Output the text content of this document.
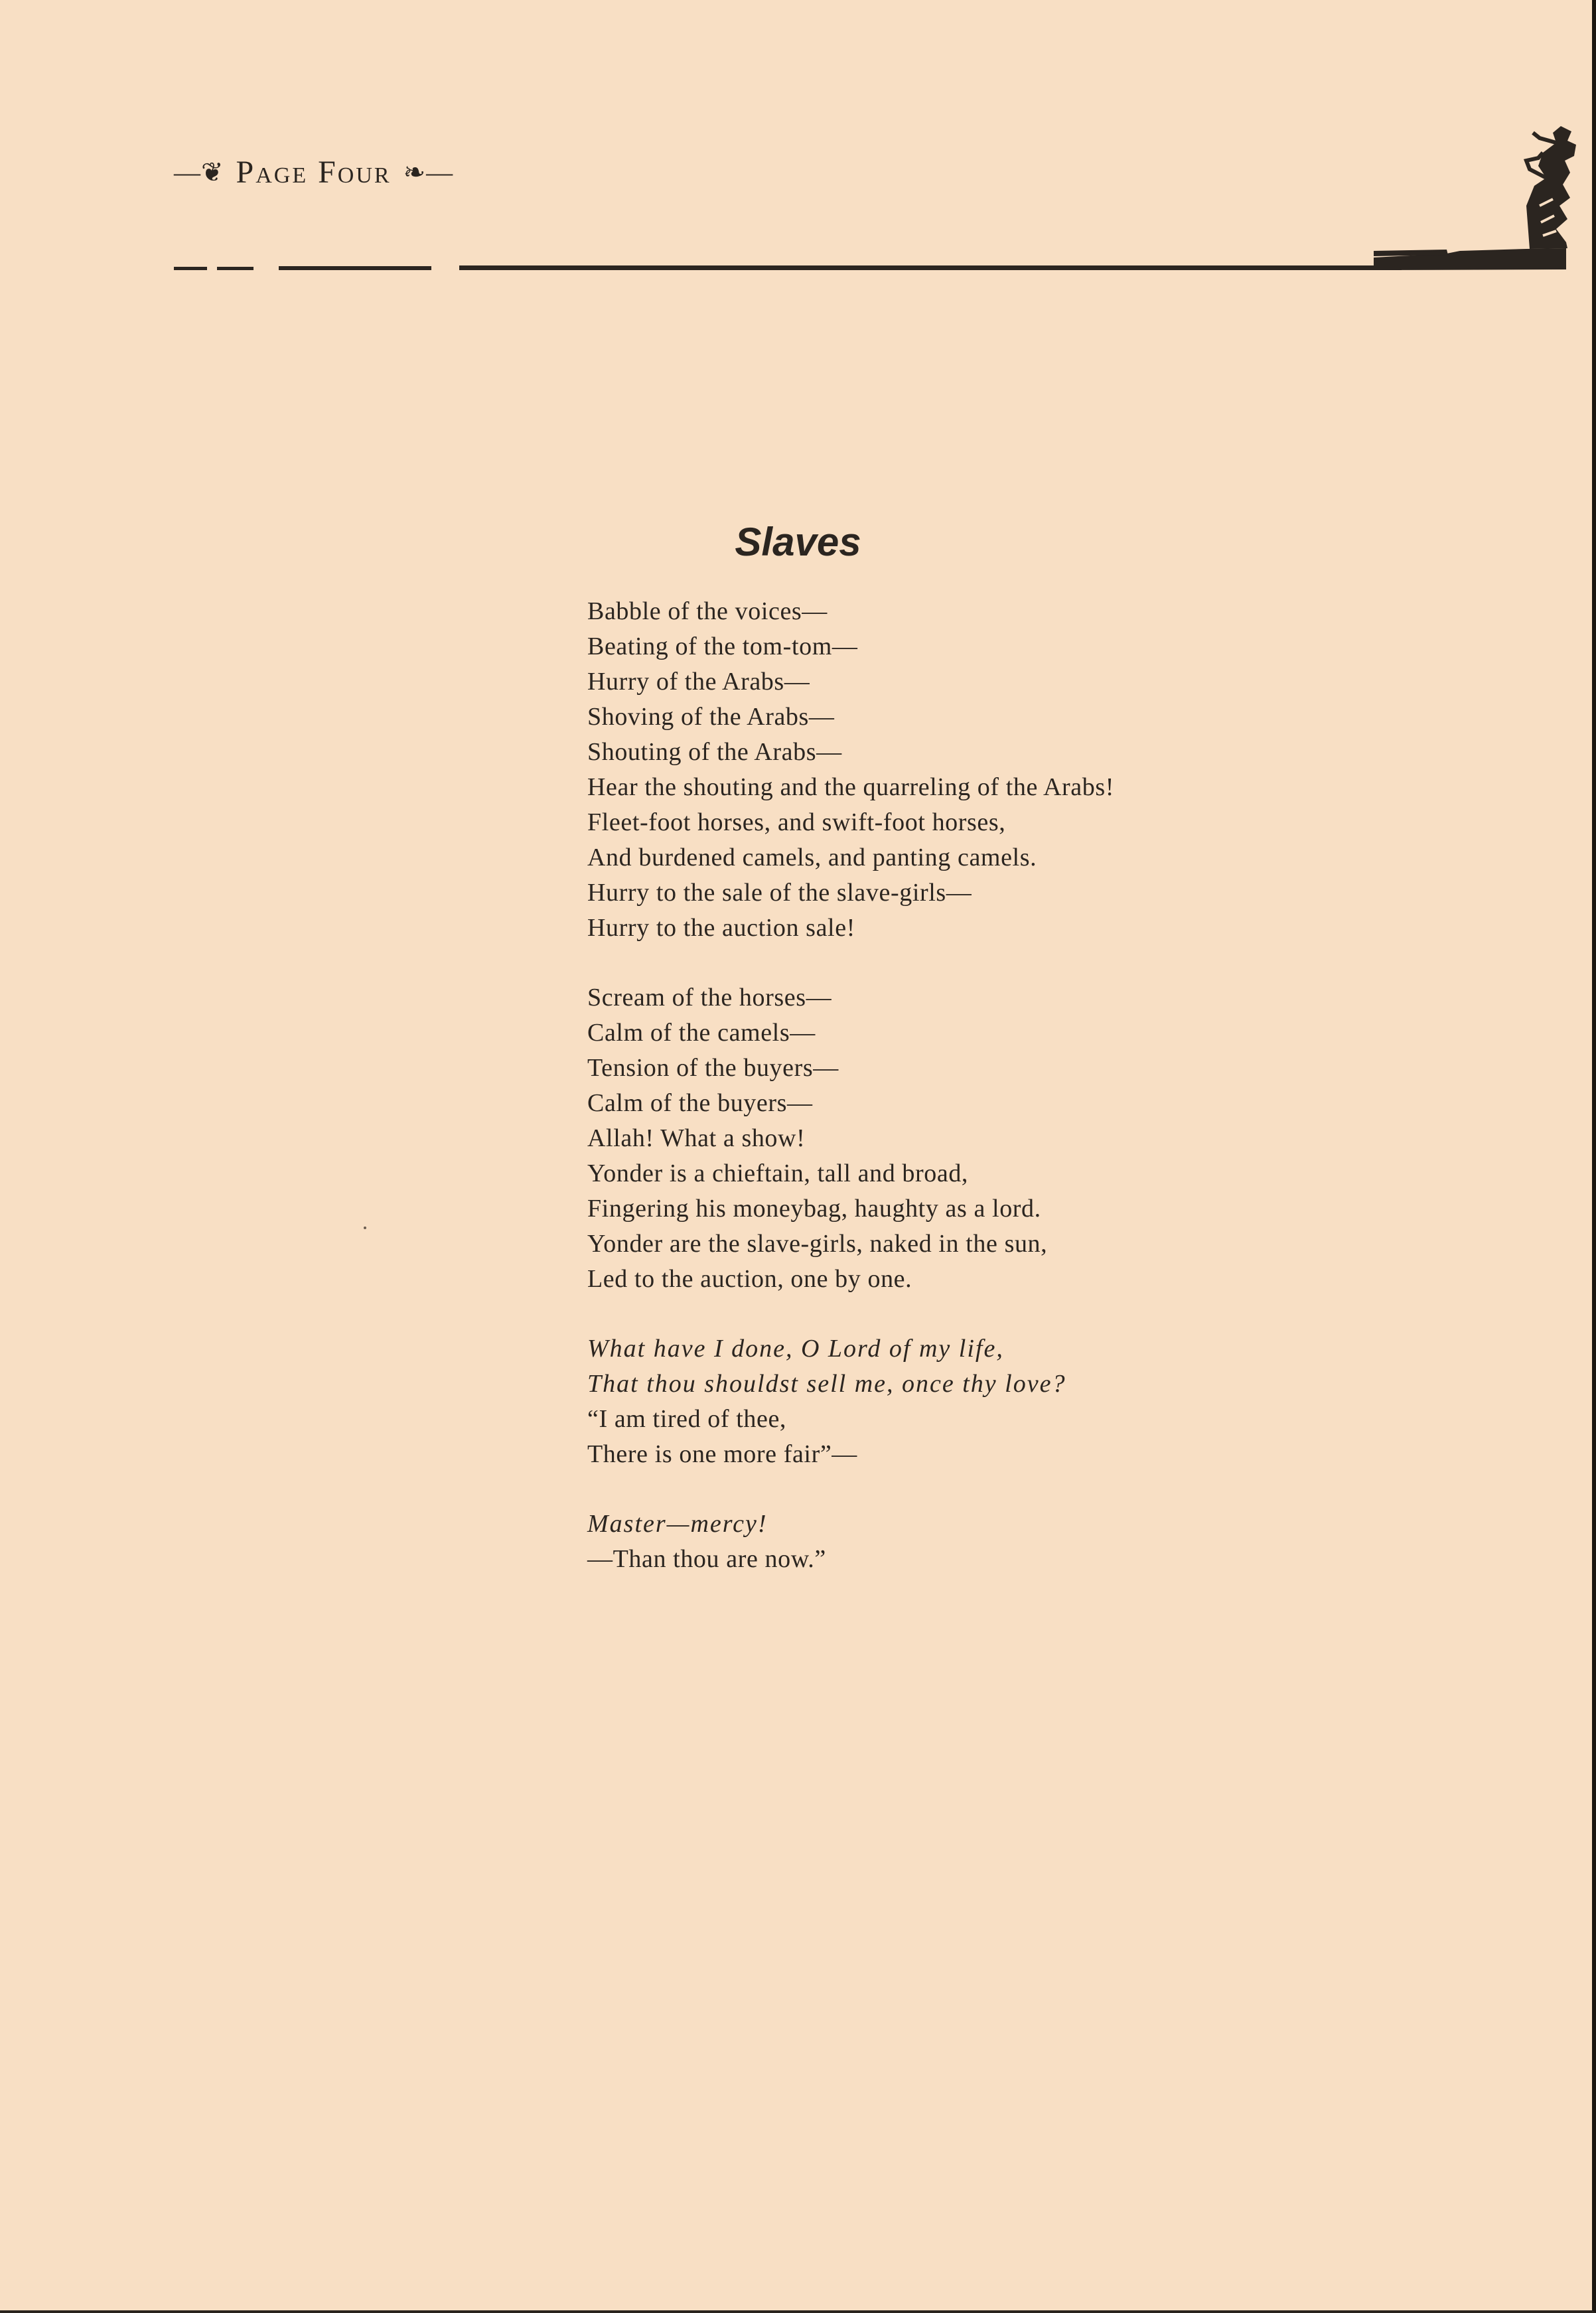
—❦ Page Four ❧—
Slaves
Babble of the voices—
Beating of the tom-tom—
Hurry of the Arabs—
Shoving of the Arabs—
Shouting of the Arabs—
Hear the shouting and the quarreling of the Arabs!
Fleet-foot horses, and swift-foot horses,
And burdened camels, and panting camels.
Hurry to the sale of the slave-girls—
Hurry to the auction sale!
Scream of the horses—
Calm of the camels—
Tension of the buyers—
Calm of the buyers—
Allah! What a show!
Yonder is a chieftain, tall and broad,
Fingering his moneybag, haughty as a lord.
Yonder are the slave-girls, naked in the sun,
Led to the auction, one by one.
What have I done, O Lord of my life,
That thou shouldst sell me, once thy love?
“I am tired of thee,
There is one more fair”—
Master—mercy!
—Than thou are now.”
